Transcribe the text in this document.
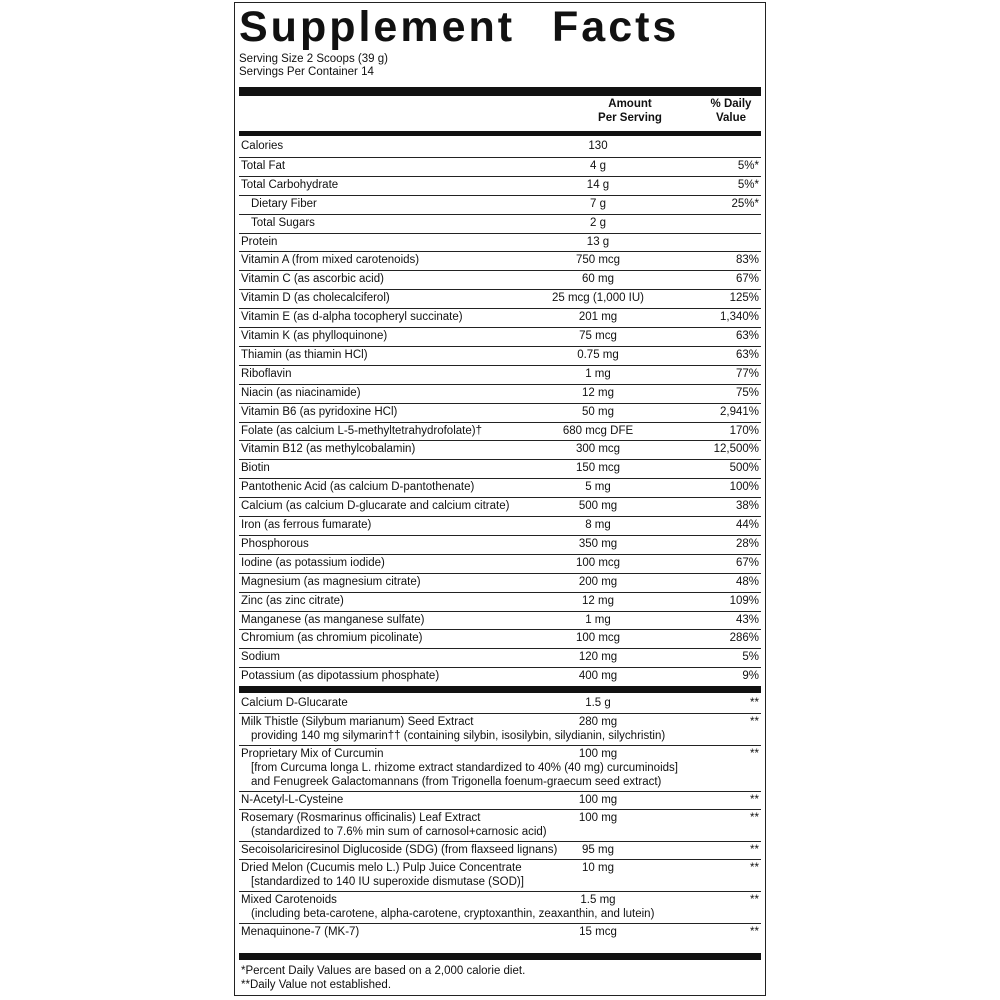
Supplement Facts
Serving Size 2 Scoops (39 g)
Servings Per Container 14
Amount
Per Serving
% Daily
Value
Calories	130
Total Fat	4 g	5%*
Total Carbohydrate	14 g	5%*
Dietary Fiber	7 g	25%*
Total Sugars	2 g
Protein	13 g
Vitamin A (from mixed carotenoids)	750 mcg	83%
Vitamin C (as ascorbic acid)	60 mg	67%
Vitamin D (as cholecalciferol)	25 mcg (1,000 IU)	125%
Vitamin E (as d-alpha tocopheryl succinate)	201 mg	1,340%
Vitamin K (as phylloquinone)	75 mcg	63%
Thiamin (as thiamin HCl)	0.75 mg	63%
Riboflavin	1 mg	77%
Niacin (as niacinamide)	12 mg	75%
Vitamin B6 (as pyridoxine HCl)	50 mg	2,941%
Folate (as calcium L-5-methyltetrahydrofolate)†	680 mcg DFE	170%
Vitamin B12 (as methylcobalamin)	300 mcg	12,500%
Biotin	150 mcg	500%
Pantothenic Acid (as calcium D-pantothenate)	5 mg	100%
Calcium (as calcium D-glucarate and calcium citrate)	500 mg	38%
Iron (as ferrous fumarate)	8 mg	44%
Phosphorous	350 mg	28%
Iodine (as potassium iodide)	100 mcg	67%
Magnesium (as magnesium citrate)	200 mg	48%
Zinc (as zinc citrate)	12 mg	109%
Manganese (as manganese sulfate)	1 mg	43%
Chromium (as chromium picolinate)	100 mcg	286%
Sodium	120 mg	5%
Potassium (as dipotassium phosphate)	400 mg	9%
Calcium D-Glucarate	1.5 g	**
Milk Thistle (Silybum marianum) Seed Extract	280 mg	**
providing 140 mg silymarin†† (containing silybin, isosilybin, silydianin, silychristin)
Proprietary Mix of Curcumin	100 mg	**
[from Curcuma longa L. rhizome extract standardized to 40% (40 mg) curcuminoids]
and Fenugreek Galactomannans (from Trigonella foenum-graecum seed extract)
N-Acetyl-L-Cysteine	100 mg	**
Rosemary (Rosmarinus officinalis) Leaf Extract	100 mg	**
(standardized to 7.6% min sum of carnosol+carnosic acid)
Secoisolariciresinol Diglucoside (SDG) (from flaxseed lignans)	95 mg	**
Dried Melon (Cucumis melo L.) Pulp Juice Concentrate	10 mg	**
[standardized to 140 IU superoxide dismutase (SOD)]
Mixed Carotenoids	1.5 mg	**
(including beta-carotene, alpha-carotene, cryptoxanthin, zeaxanthin, and lutein)
Menaquinone-7 (MK-7)	15 mcg	**
*Percent Daily Values are based on a 2,000 calorie diet.
**Daily Value not established.
